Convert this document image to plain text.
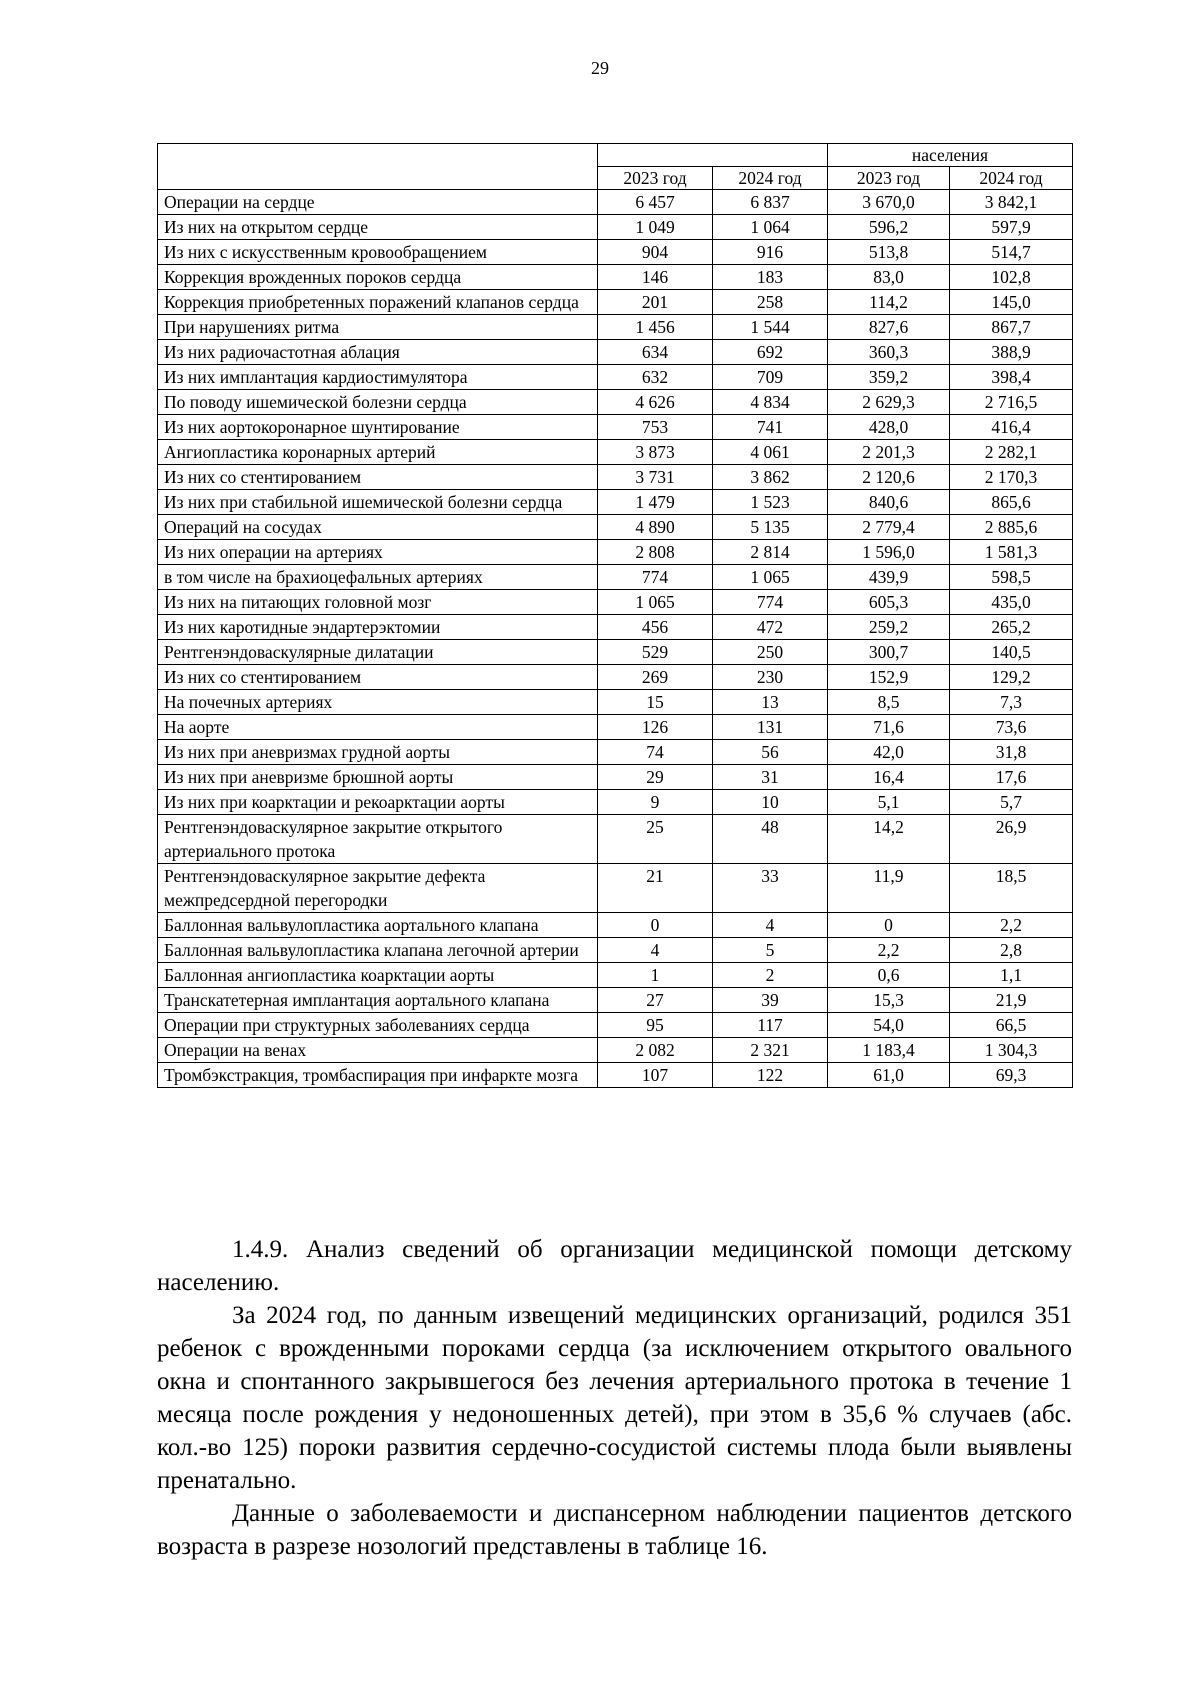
29
			населения	
	2023 год	2024 год	2023 год	2024 год
Операции на сердце	6 457	6 837	3 670,0	3 842,1
Из них на открытом сердце	1 049	1 064	596,2	597,9
Из них с искусственным кровообращением	904	916	513,8	514,7
Коррекция врожденных пороков сердца	146	183	83,0	102,8
Коррекция приобретенных поражений клапанов сердца	201	258	114,2	145,0
При нарушениях ритма	1 456	1 544	827,6	867,7
Из них радиочастотная аблация	634	692	360,3	388,9
Из них имплантация кардиостимулятора	632	709	359,2	398,4
По поводу ишемической болезни сердца	4 626	4 834	2 629,3	2 716,5
Из них аортокоронарное шунтирование	753	741	428,0	416,4
Ангиопластика коронарных артерий	3 873	4 061	2 201,3	2 282,1
Из них со стентированием	3 731	3 862	2 120,6	2 170,3
Из них при стабильной ишемической болезни сердца	1 479	1 523	840,6	865,6
Операций на сосудах	4 890	5 135	2 779,4	2 885,6
Из них операции на артериях	2 808	2 814	1 596,0	1 581,3
в том числе на брахиоцефальных артериях	774	1 065	439,9	598,5
Из них на питающих головной мозг	1 065	774	605,3	435,0
Из них каротидные эндартерэктомии	456	472	259,2	265,2
Рентгенэндоваскулярные дилатации	529	250	300,7	140,5
Из них со стентированием	269	230	152,9	129,2
На почечных артериях	15	13	8,5	7,3
На аорте	126	131	71,6	73,6
Из них при аневризмах грудной аорты	74	56	42,0	31,8
Из них при аневризме брюшной аорты	29	31	16,4	17,6
Из них при коарктации и рекоарктации аорты	9	10	5,1	5,7
Рентгенэндоваскулярное закрытие открытого артериального протока	25	48	14,2	26,9
Рентгенэндоваскулярное закрытие дефекта межпредсердной перегородки	21	33	11,9	18,5
Баллонная вальвулопластика аортального клапана	0	4	0	2,2
Баллонная вальвулопластика клапана легочной артерии	4	5	2,2	2,8
Баллонная ангиопластика коарктации аорты	1	2	0,6	1,1
Транскатетерная имплантация аортального клапана	27	39	15,3	21,9
Операции при структурных заболеваниях сердца	95	117	54,0	66,5
Операции на венах	2 082	2 321	1 183,4	1 304,3
Тромбэкстракция, тромбаспирация при инфаркте мозга	107	122	61,0	69,3

1.4.9. Анализ сведений об организации медицинской помощи детскому населению.

За 2024 год, по данным извещений медицинских организаций, родился 351 ребенок с врожденными пороками сердца (за исключением открытого овального окна и спонтанного закрывшегося без лечения артериального протока в течение 1 месяца после рождения у недоношенных детей), при этом в 35,6 % случаев (абс. кол.-во 125) пороки развития сердечно-сосудистой системы плода были выявлены пренатально.

Данные о заболеваемости и диспансерном наблюдении пациентов детского возраста в разрезе нозологий представлены в таблице 16.
